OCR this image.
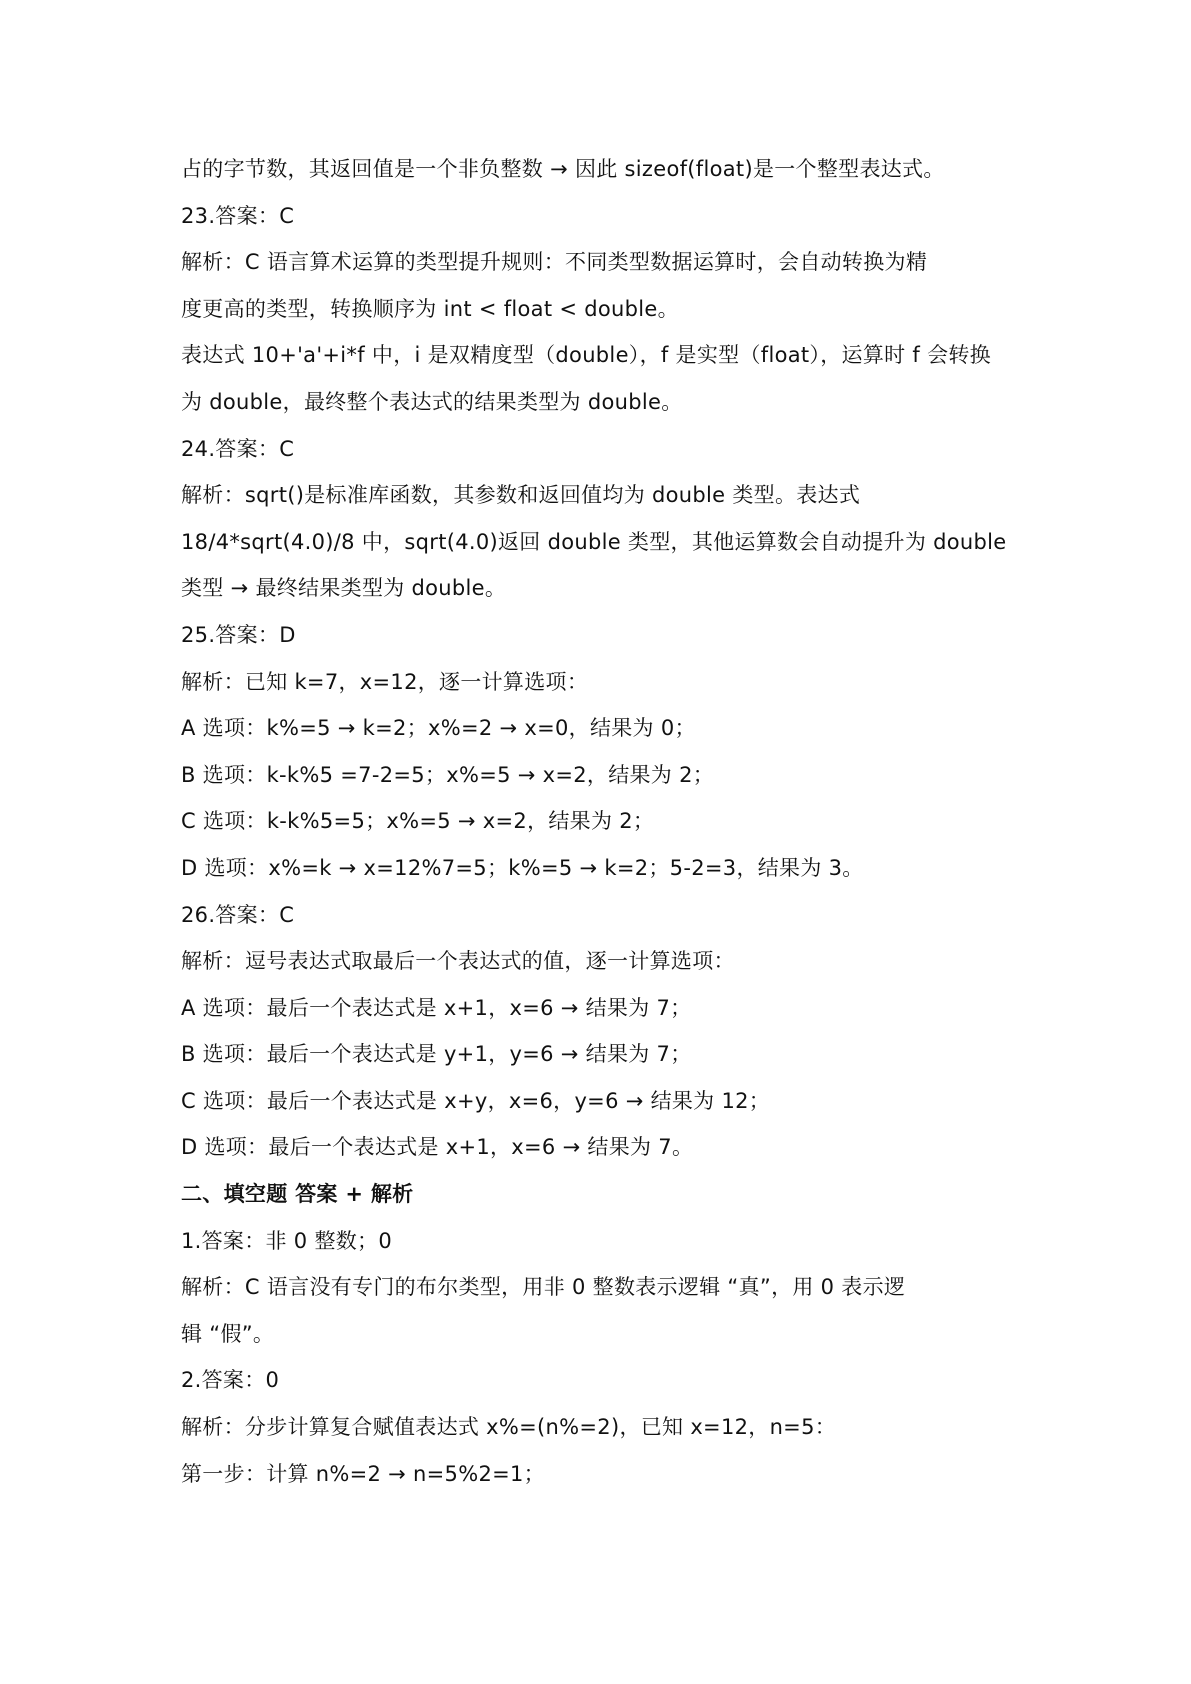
占的字节数，其返回值是一个非负整数 → 因此 sizeof(float)是一个整型表达式。
23.答案：C
解析：C 语言算术运算的类型提升规则：不同类型数据运算时，会自动转换为精
度更高的类型，转换顺序为 int < float < double。
表达式 10+'a'+i*f 中，i 是双精度型（double），f 是实型（float），运算时 f 会转换
为 double，最终整个表达式的结果类型为 double。
24.答案：C
解析：sqrt()是标准库函数，其参数和返回值均为 double 类型。表达式
18/4*sqrt(4.0)/8 中，sqrt(4.0)返回 double 类型，其他运算数会自动提升为 double
类型 → 最终结果类型为 double。
25.答案：D
解析：已知 k=7，x=12，逐一计算选项：
A 选项：k%=5 → k=2；x%=2 → x=0，结果为 0；
B 选项：k-k%5 =7-2=5；x%=5 → x=2，结果为 2；
C 选项：k-k%5=5；x%=5 → x=2，结果为 2；
D 选项：x%=k → x=12%7=5；k%=5 → k=2；5-2=3，结果为 3。
26.答案：C
解析：逗号表达式取最后一个表达式的值，逐一计算选项：
A 选项：最后一个表达式是 x+1，x=6 → 结果为 7；
B 选项：最后一个表达式是 y+1，y=6 → 结果为 7；
C 选项：最后一个表达式是 x+y，x=6，y=6 → 结果为 12；
D 选项：最后一个表达式是 x+1，x=6 → 结果为 7。
二、填空题 答案 + 解析
1.答案：非 0 整数；0
解析：C 语言没有专门的布尔类型，用非 0 整数表示逻辑 “真”，用 0 表示逻
辑 “假”。
2.答案：0
解析：分步计算复合赋值表达式 x%=(n%=2)，已知 x=12，n=5：
第一步：计算 n%=2 → n=5%2=1；
